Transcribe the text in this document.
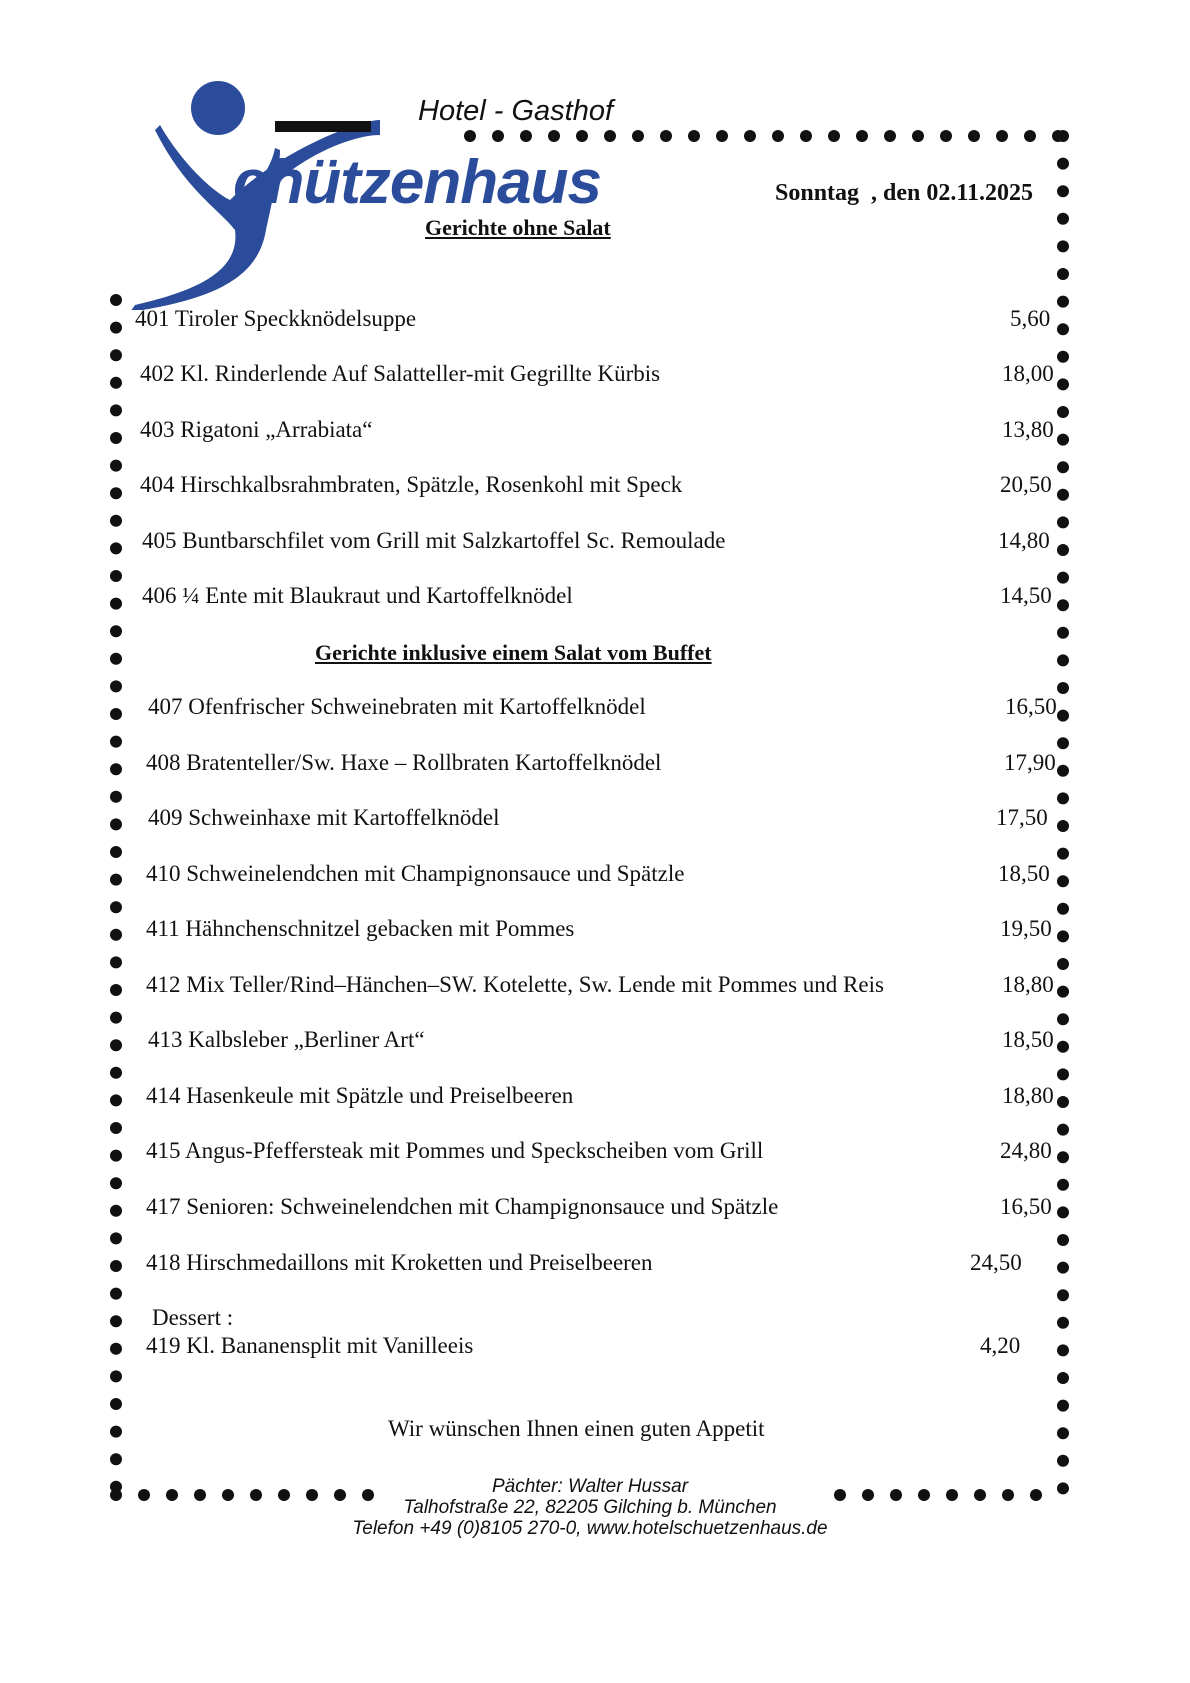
Hotel - Gasthof
chützenhaus	Sonntag  , den 02.11.2025
Gerichte ohne Salat
Gerichte inklusive einem Salat vom Buffet
401 Tiroler Speckknödelsuppe	5,60
402 Kl. Rinderlende Auf Salatteller-mit Gegrillte Kürbis	18,00
403 Rigatoni „Arrabiata“	13,80
404 Hirschkalbsrahmbraten, Spätzle, Rosenkohl mit Speck	20,50
405 Buntbarschfilet vom Grill mit Salzkartoffel Sc. Remoulade	14,80
406 ¼ Ente mit Blaukraut und Kartoffelknödel	14,50
407 Ofenfrischer Schweinebraten mit Kartoffelknödel	16,50
408 Bratenteller/Sw. Haxe – Rollbraten Kartoffelknödel	17,90
409 Schweinhaxe mit Kartoffelknödel	17,50
410 Schweinelendchen mit Champignonsauce und Spätzle	18,50
411 Hähnchenschnitzel gebacken mit Pommes	19,50
412 Mix Teller/Rind–Hänchen–SW. Kotelette, Sw. Lende mit Pommes und Reis	18,80
413 Kalbsleber „Berliner Art“	18,50
414 Hasenkeule mit Spätzle und Preiselbeeren	18,80
415 Angus-Pfeffersteak mit Pommes und Speckscheiben vom Grill	24,80
417 Senioren: Schweinelendchen mit Champignonsauce und Spätzle	16,50
418 Hirschmedaillons mit Kroketten und Preiselbeeren	24,50
Dessert :
419 Kl. Bananensplit mit Vanilleeis	4,20
Wir wünschen Ihnen einen guten Appetit
Pächter: Walter Hussar
Talhofstraße 22, 82205 Gilching b. München
Telefon +49 (0)8105 270-0, www.hotelschuetzenhaus.de
